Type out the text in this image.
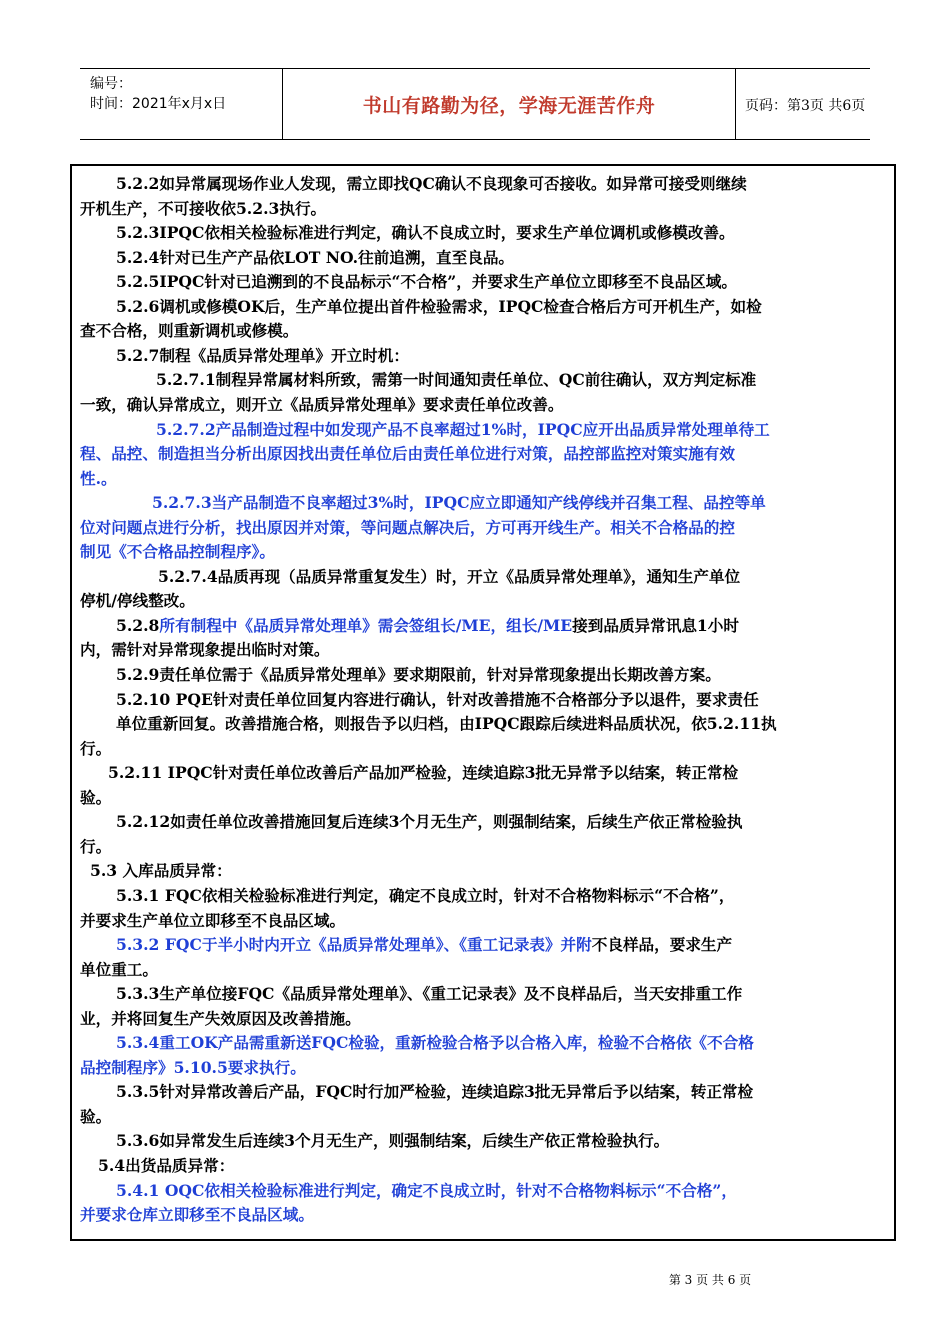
编号：
时间：2021年x月x日	书山有路勤为径，学海无涯苦作舟	页码：第3页 共6页
5.2.2如异常属现场作业人发现，需立即找QC确认不良现象可否接收。如异常可接受则继续
开机生产，不可接收依5.2.3执行。
5.2.3IPQC依相关检验标准进行判定，确认不良成立时，要求生产单位调机或修模改善。
5.2.4针对已生产产品依LOT NO.往前追溯，直至良品。
5.2.5IPQC针对已追溯到的不良品标示“不合格”，并要求生产单位立即移至不良品区域。
5.2.6调机或修模OK后，生产单位提出首件检验需求，IPQC检查合格后方可开机生产，如检
查不合格，则重新调机或修模。
5.2.7制程《品质异常处理单》开立时机：
5.2.7.1制程异常属材料所致，需第一时间通知责任单位、QC前往确认，双方判定标准
一致，确认异常成立，则开立《品质异常处理单》要求责任单位改善。
5.2.7.2产品制造过程中如发现产品不良率超过1%时，IPQC应开出品质异常处理单待工
程、品控、制造担当分析出原因找出责任单位后由责任单位进行对策，品控部监控对策实施有效
性.。
5.2.7.3当产品制造不良率超过3%时，IPQC应立即通知产线停线并召集工程、品控等单
位对问题点进行分析，找出原因并对策，等问题点解决后，方可再开线生产。相关不合格品的控
制见《不合格品控制程序》。
5.2.7.4品质再现（品质异常重复发生）时，开立《品质异常处理单》，通知生产单位
停机/停线整改。
5.2.8所有制程中《品质异常处理单》需会签组长/ME，组长/ME接到品质异常讯息1小时
内，需针对异常现象提出临时对策。
5.2.9责任单位需于《品质异常处理单》要求期限前，针对异常现象提出长期改善方案。
5.2.10 PQE针对责任单位回复内容进行确认，针对改善措施不合格部分予以退件，要求责任
单位重新回复。改善措施合格，则报告予以归档，由IPQC跟踪后续进料品质状况，依5.2.11执
行。
5.2.11 IPQC针对责任单位改善后产品加严检验，连续追踪3批无异常予以结案，转正常检
验。
5.2.12如责任单位改善措施回复后连续3个月无生产，则强制结案，后续生产依正常检验执
行。
5.3 入库品质异常：
5.3.1 FQC依相关检验标准进行判定，确定不良成立时，针对不合格物料标示“不合格”，
并要求生产单位立即移至不良品区域。
5.3.2 FQC于半小时内开立《品质异常处理单》、《重工记录表》并附不良样品，要求生产
单位重工。
5.3.3生产单位接FQC《品质异常处理单》、《重工记录表》及不良样品后，当天安排重工作
业，并将回复生产失效原因及改善措施。
5.3.4重工OK产品需重新送FQC检验，重新检验合格予以合格入库，检验不合格依《不合格
品控制程序》5.10.5要求执行。
5.3.5针对异常改善后产品，FQC时行加严检验，连续追踪3批无异常后予以结案，转正常检
验。
5.3.6如异常发生后连续3个月无生产，则强制结案，后续生产依正常检验执行。
5.4出货品质异常：
5.4.1 OQC依相关检验标准进行判定，确定不良成立时，针对不合格物料标示“不合格”，
并要求仓库立即移至不良品区域。
第 3 页 共 6 页
